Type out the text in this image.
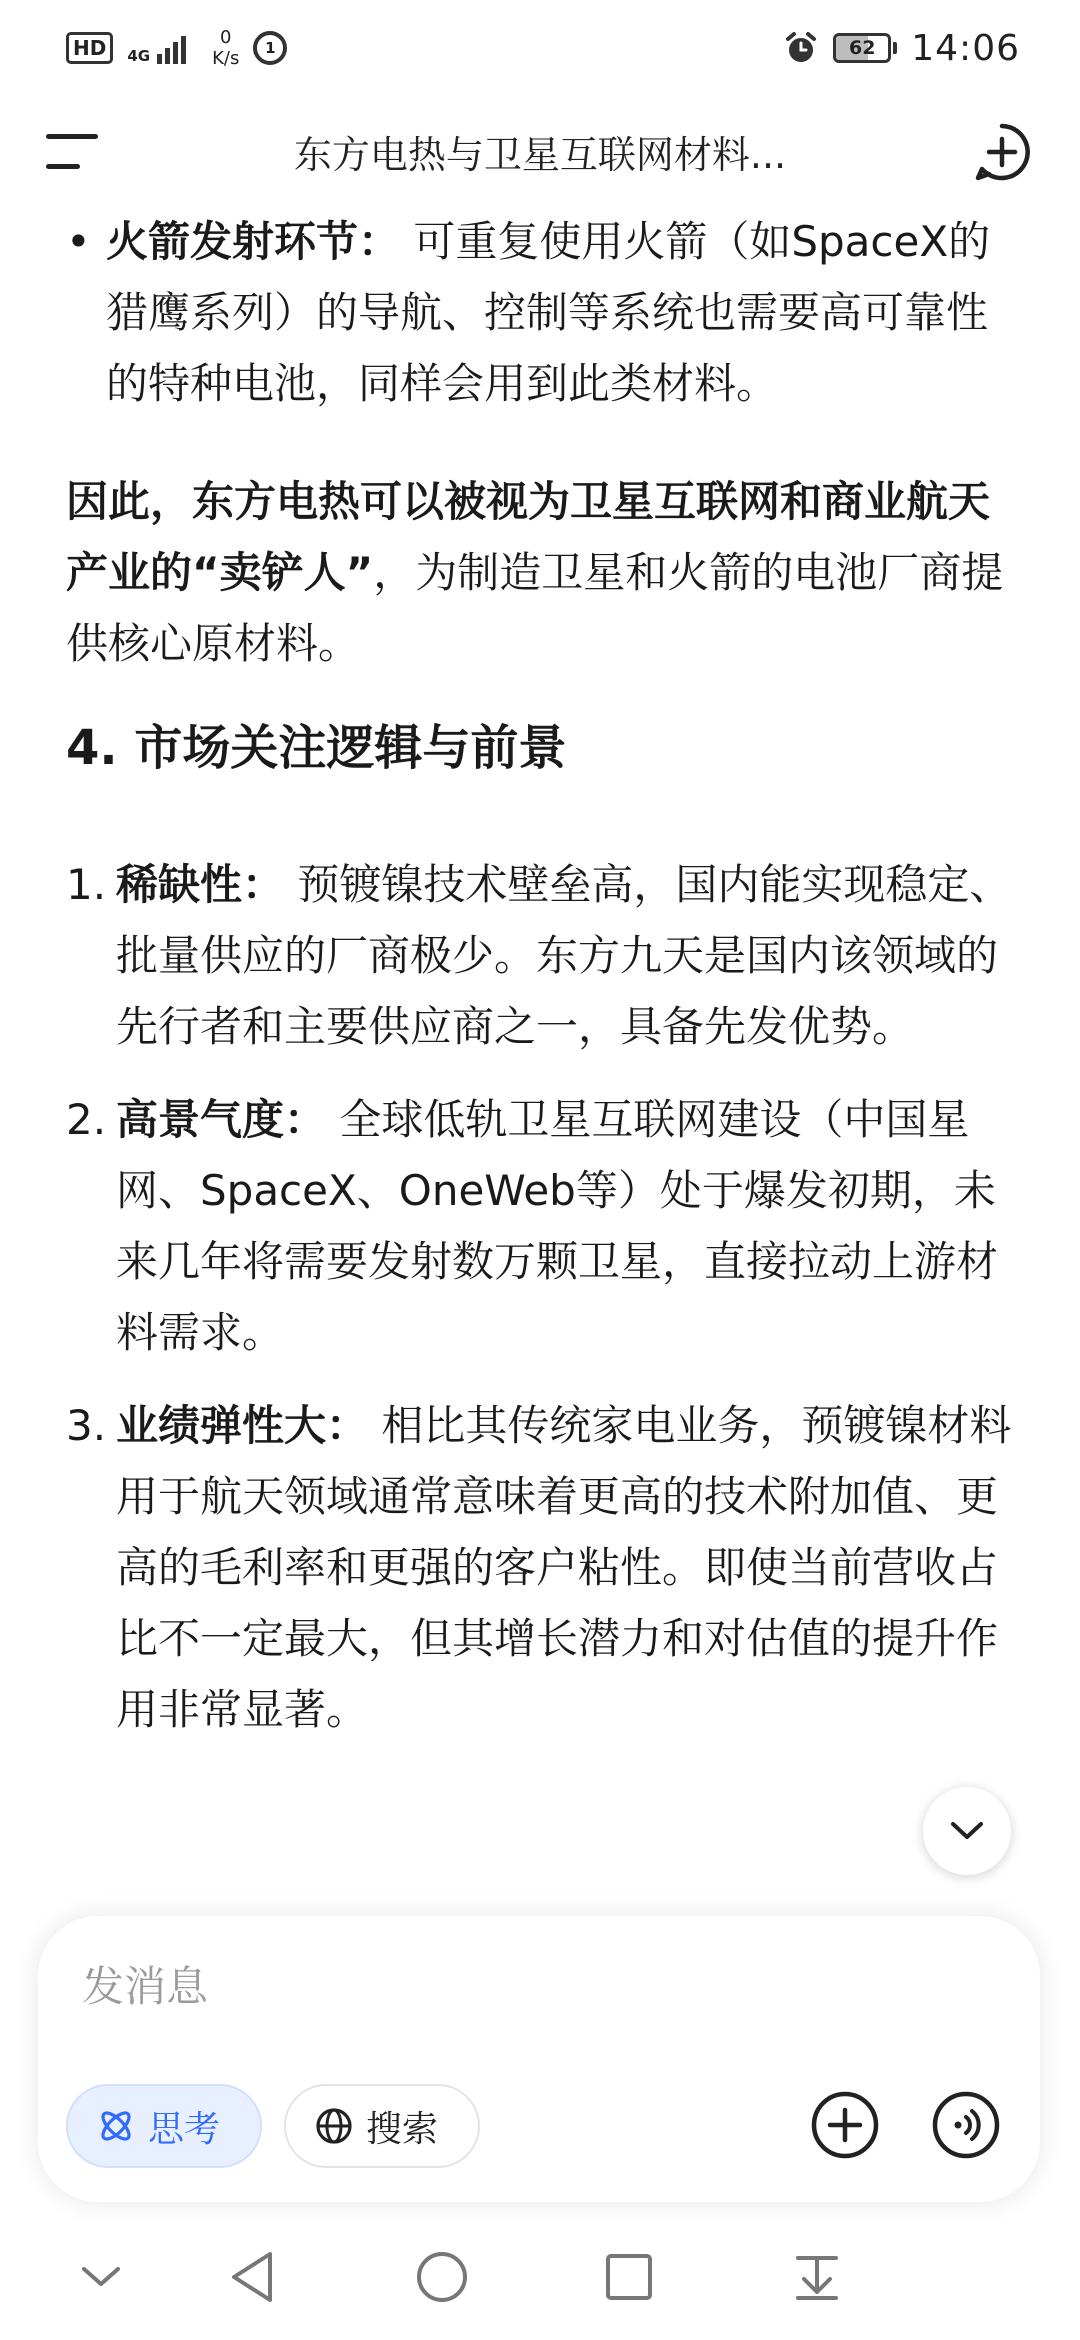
HD	4G
0
K/s 1	62 14:06
东方电热与卫星互联网材料...
• 火箭发射环节： 可重复使用火箭（如SpaceX的猎鹰系列）的导航、控制等系统也需要高可靠性的特种电池，同样会用到此类材料。
因此，东方电热可以被视为卫星互联网和商业航天产业的“卖铲人”，为制造卫星和火箭的电池厂商提供核心原材料。
4. 市场关注逻辑与前景
1. 稀缺性： 预镀镍技术壁垒高，国内能实现稳定、批量供应的厂商极少。东方九天是国内该领域的先行者和主要供应商之一，具备先发优势。
2. 高景气度： 全球低轨卫星互联网建设（中国星网、SpaceX、OneWeb等）处于爆发初期，未来几年将需要发射数万颗卫星，直接拉动上游材料需求。
3. 业绩弹性大： 相比其传统家电业务，预镀镍材料用于航天领域通常意味着更高的技术附加值、更高的毛利率和更强的客户粘性。即使当前营收占比不一定最大，但其增长潜力和对估值的提升作用非常显著。
发消息
思考	搜索
